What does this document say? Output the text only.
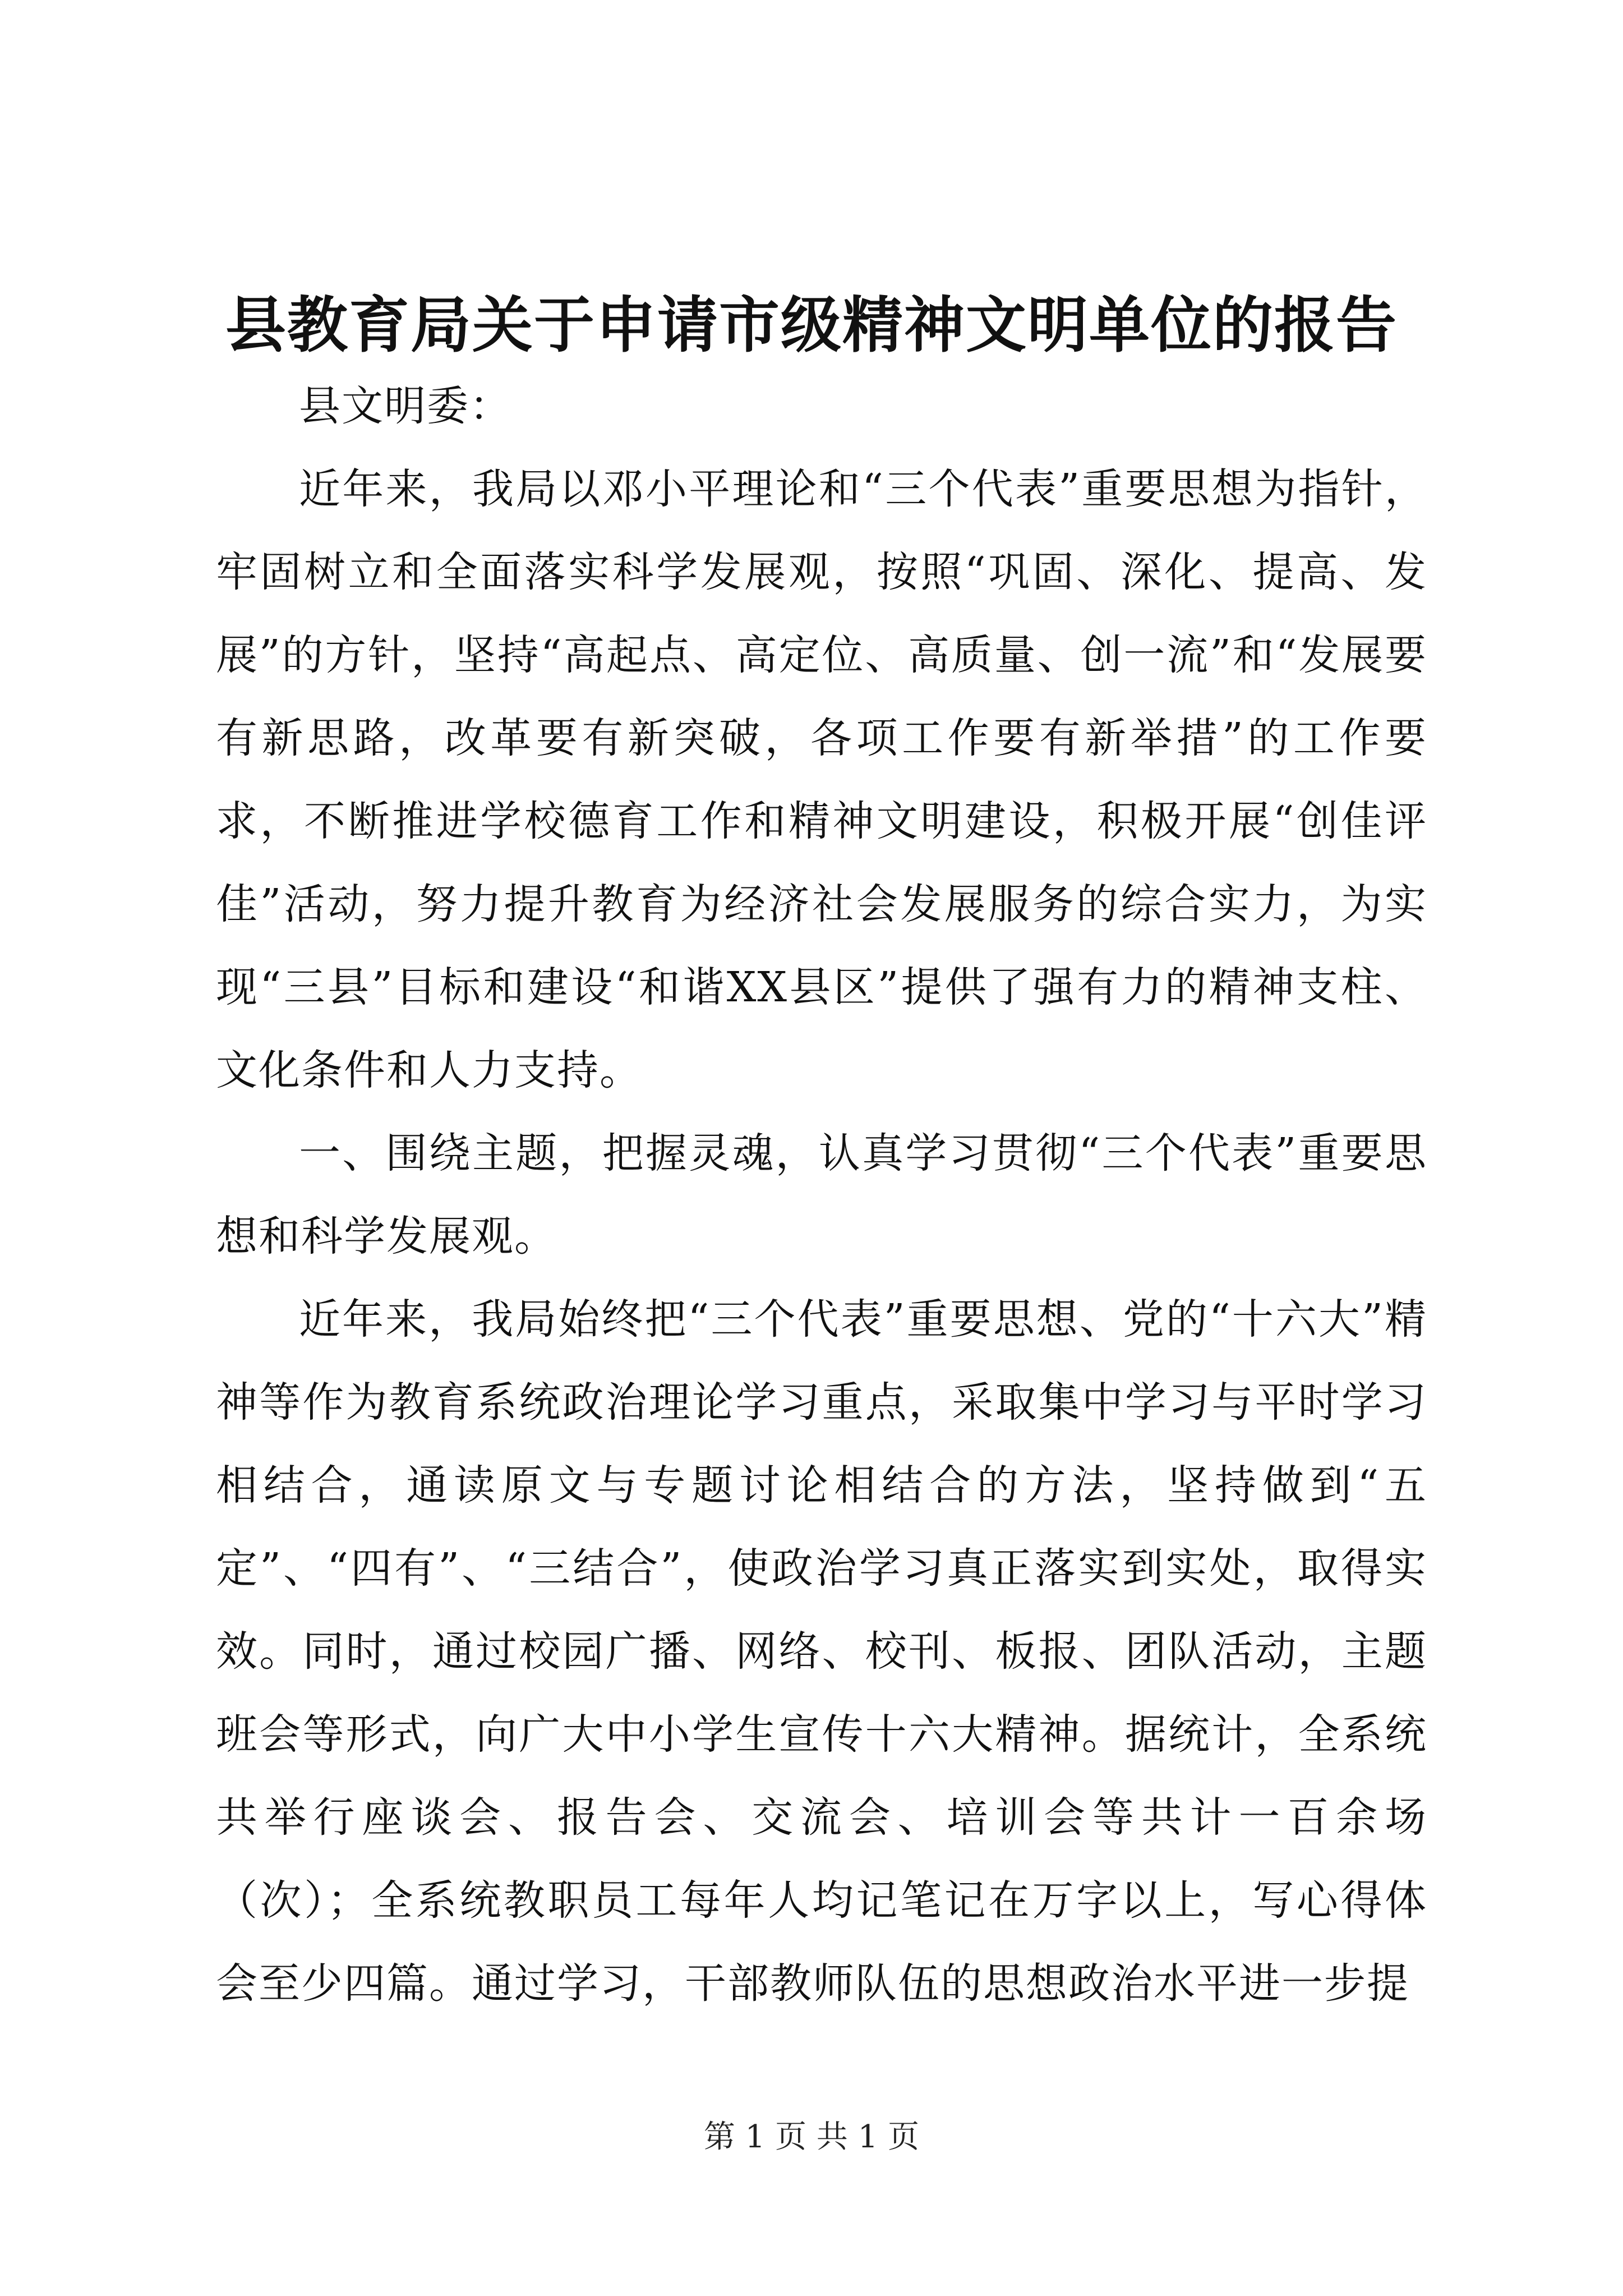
县教育局关于申请市级精神文明单位的报告

县文明委：

近年来，我局以邓小平理论和“三个代表”重要思想为指针，牢固树立和全面落实科学发展观，按照“巩固、深化、提高、发展”的方针，坚持“高起点、高定位、高质量、创一流”和“发展要有新思路，改革要有新突破，各项工作要有新举措”的工作要求，不断推进学校德育工作和精神文明建设，积极开展“创佳评佳”活动，努力提升教育为经济社会发展服务的综合实力，为实现“三县”目标和建设“和谐XX县区”提供了强有力的精神支柱、文化条件和人力支持。

一、围绕主题，把握灵魂，认真学习贯彻“三个代表”重要思想和科学发展观。

近年来，我局始终把“三个代表”重要思想、党的“十六大”精神等作为教育系统政治理论学习重点，采取集中学习与平时学习相结合，通读原文与专题讨论相结合的方法，坚持做到“五定”、“四有”、“三结合”，使政治学习真正落实到实处，取得实效。同时，通过校园广播、网络、校刊、板报、团队活动，主题班会等形式，向广大中小学生宣传十六大精神。据统计，全系统共举行座谈会、报告会、交流会、培训会等共计一百余场（次）；全系统教职员工每年人均记笔记在万字以上，写心得体会至少四篇。通过学习，干部教师队伍的思想政治水平进一步提

第 1 页 共 1 页
